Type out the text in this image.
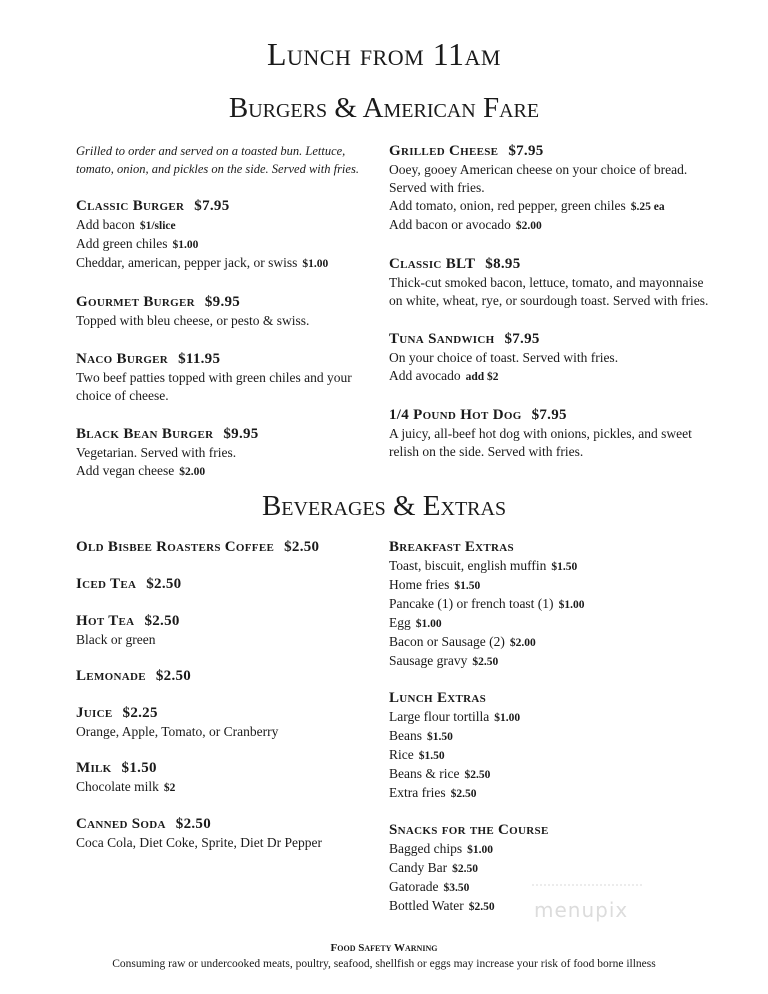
Lunch from 11am
Burgers & American Fare

Grilled to order and served on a toasted bun. Lettuce, tomato, onion, and pickles on the side. Served with fries.

Classic Burger $7.95
Add bacon $1/slice
Add green chiles $1.00
Cheddar, american, pepper jack, or swiss $1.00
Gourmet Burger $9.95
Topped with bleu cheese, or pesto & swiss.
Naco Burger $11.95
Two beef patties topped with green chiles and your choice of cheese.
Black Bean Burger $9.95
Vegetarian. Served with fries.
Add vegan cheese $2.00
Grilled Cheese $7.95
Ooey, gooey American cheese on your choice of bread. Served with fries.
Add tomato, onion, red pepper, green chiles $.25 ea
Add bacon or avocado $2.00
Classic BLT $8.95
Thick-cut smoked bacon, lettuce, tomato, and mayonnaise on white, wheat, rye, or sourdough toast. Served with fries.
Tuna Sandwich $7.95
On your choice of toast. Served with fries.
Add avocado add $2
1/4 Pound Hot Dog $7.95
A juicy, all-beef hot dog with onions, pickles, and sweet relish on the side. Served with fries.
Beverages & Extras
Old Bisbee Roasters Coffee $2.50
Iced Tea $2.50
Hot Tea $2.50
Black or green
Lemonade $2.50
Juice $2.25
Orange, Apple, Tomato, or Cranberry
Milk $1.50
Chocolate milk $2
Canned Soda $2.50
Coca Cola, Diet Coke, Sprite, Diet Dr Pepper
Breakfast Extras
Toast, biscuit, english muffin $1.50
Home fries $1.50
Pancake (1) or french toast (1) $1.00
Egg $1.00
Bacon or Sausage (2) $2.00
Sausage gravy $2.50
Lunch Extras
Large flour tortilla $1.00
Beans $1.50
Rice $1.50
Beans & rice $2.50
Extra fries $2.50
Snacks for the Course
Bagged chips $1.00
Candy Bar $2.50
Gatorade $3.50
Bottled Water $2.50	menupix
Food Safety Warning
Consuming raw or undercooked meats, poultry, seafood, shellfish or eggs may increase your risk of food borne illness
